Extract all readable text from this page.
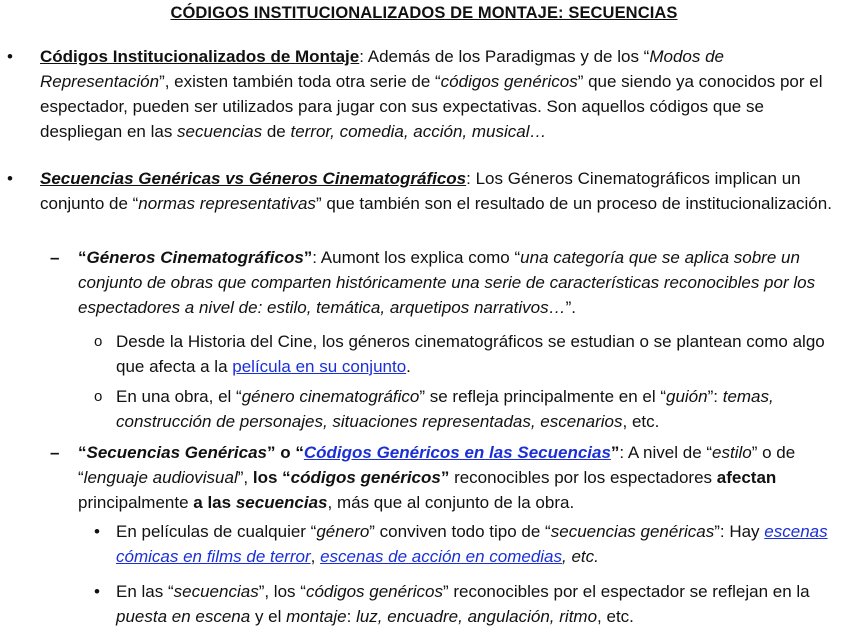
CÓDIGOS INSTITUCIONALIZADOS DE MONTAJE: SECUENCIAS
• Códigos Institucionalizados de Montaje: Además de los Paradigmas y de los “Modos de Representación”, existen también toda otra serie de “códigos genéricos” que siendo ya conocidos por el espectador, pueden ser utilizados para jugar con sus expectativas. Son aquellos códigos que se despliegan en las secuencias de terror, comedia, acción, musical…
• Secuencias Genéricas vs Géneros Cinematográficos: Los Géneros Cinematográficos implican un conjunto de “normas representativas” que también son el resultado de un proceso de institucionalización.
– “Géneros Cinematográficos”: Aumont los explica como “una categoría que se aplica sobre un conjunto de obras que comparten históricamente una serie de características reconocibles por los espectadores a nivel de: estilo, temática, arquetipos narrativos…”.
o Desde la Historia del Cine, los géneros cinematográficos se estudian o se plantean como algo que afecta a la película en su conjunto.
o En una obra, el “género cinematográfico” se refleja principalmente en el “guión”: temas, construcción de personajes, situaciones representadas, escenarios, etc.
– “Secuencias Genéricas” o “Códigos Genéricos en las Secuencias”: A nivel de “estilo” o de “lenguaje audiovisual”, los “códigos genéricos” reconocibles por los espectadores afectan principalmente a las secuencias, más que al conjunto de la obra.
• En películas de cualquier “género” conviven todo tipo de “secuencias genéricas”: Hay escenas cómicas en films de terror, escenas de acción en comedias, etc.
• En las “secuencias”, los “códigos genéricos” reconocibles por el espectador se reflejan en la puesta en escena y el montaje: luz, encuadre, angulación, ritmo, etc.
